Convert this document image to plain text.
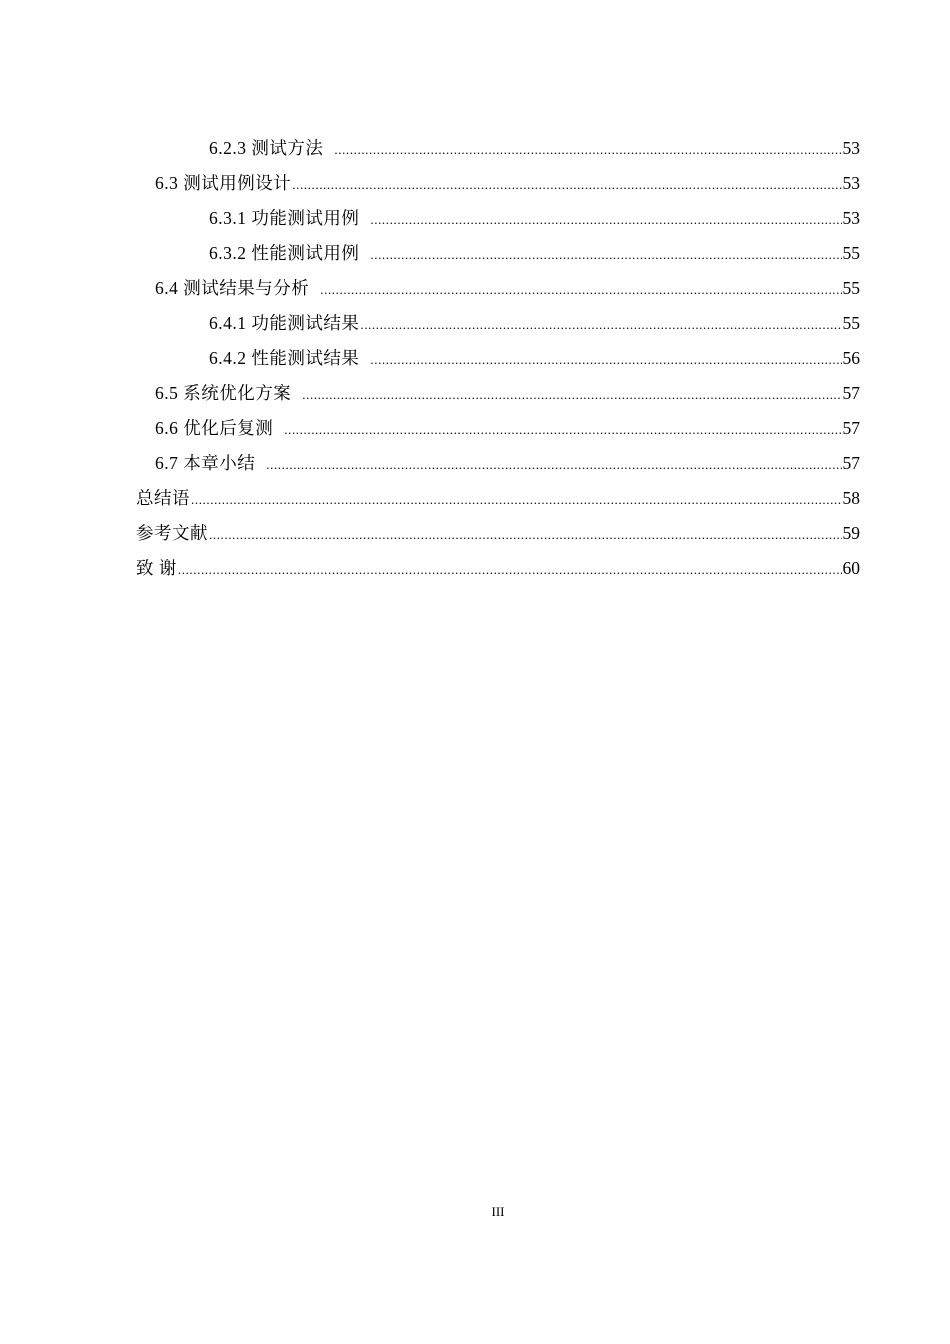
6.2.3 测试方法 .....	53
6.3 测试用例设计 .....	53
6.3.1 功能测试用例 .....	53
6.3.2 性能测试用例 .....	55
6.4 测试结果与分析 .....	55
6.4.1 功能测试结果 .....	55
6.4.2 性能测试结果 .....	56
6.5 系统优化方案 .....	57
6.6 优化后复测 .....	57
6.7 本章小结 .....	57
总结语 .....	58
参考文献 .....	59
致 谢 .....	60
III
